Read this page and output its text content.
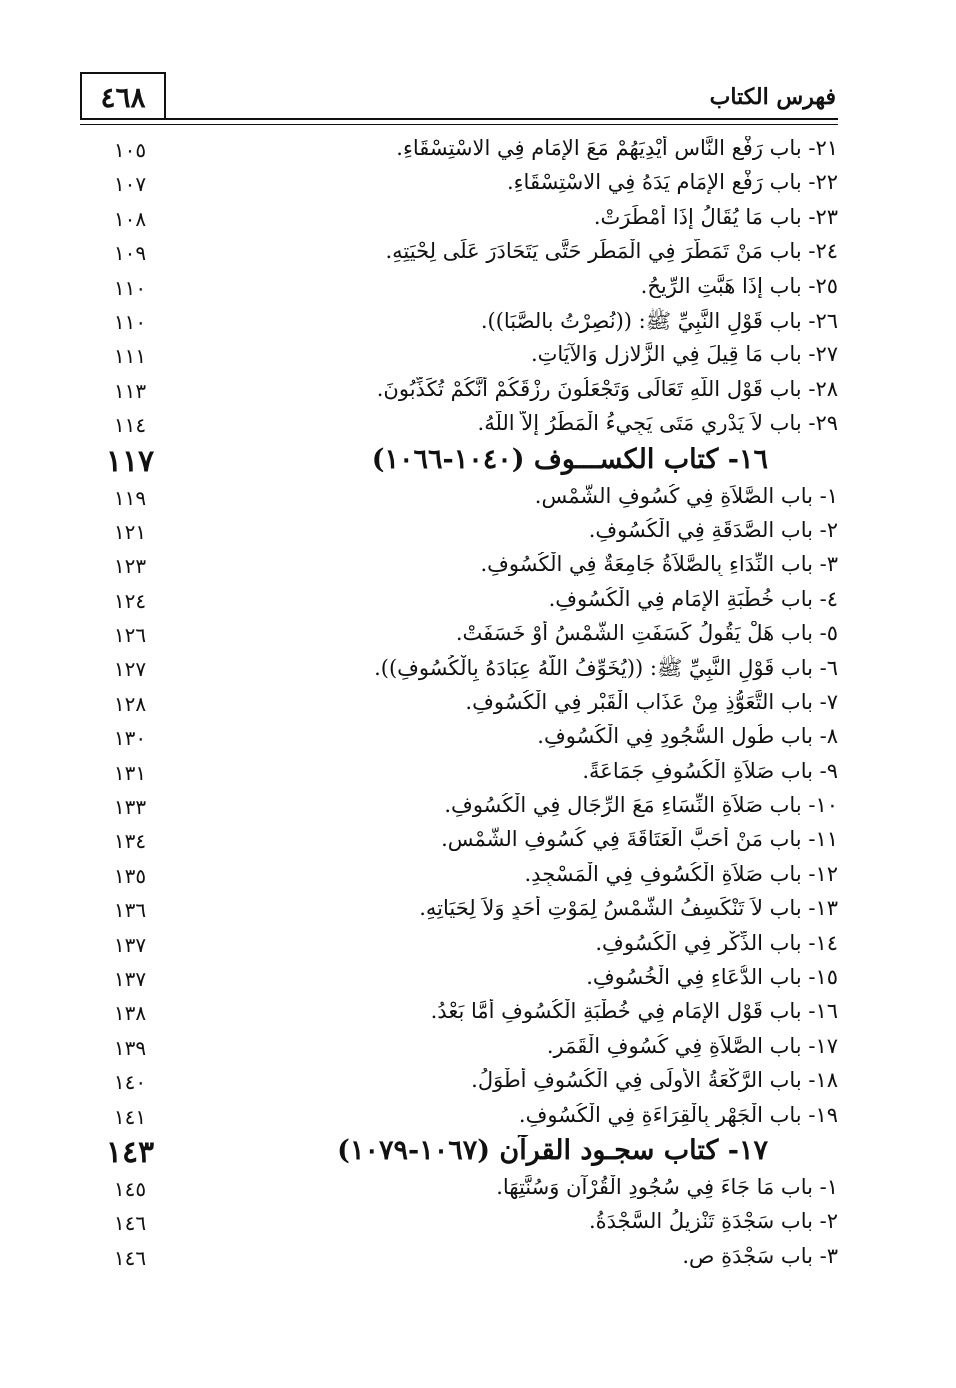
٤٦٨	فهرس الكتاب
٢١- باب رَفْعِ النَّاسِ أَيْدِيَهُمْ مَعَ الإِمَامِ فِي الاسْتِسْقَاءِ.
١٠٥
٢٢- باب رَفْعِ الإِمَامِ يَدَهُ فِي الاسْتِسْقَاءِ.
١٠٧
٢٣- باب مَا يُقَالُ إِذَا أَمْطَرَتْ.
١٠٨
٢٤- باب مَنْ تَمَطَّرَ فِي الْمَطَرِ حَتَّى يَتَحَادَرَ عَلَى لِحْيَتِهِ.
١٠٩
٢٥- باب إِذَا هَبَّتِ الرِّيحُ.
١١٠
٢٦- باب قَوْلِ النَّبِيِّ ﷺ: ((نُصِرْتُ بالصَّبَا)).
١١٠
٢٧- باب مَا قِيلَ فِي الزَّلازِلِ وَالآيَاتِ.
١١١
٢٨- باب قَوْلِ اللَّهِ تَعَالَى وَتَجْعَلُونَ رِزْقَكُمْ أَنَّكُمْ تُكَذِّبُونَ.
١١٣
٢٩- باب لاَ يَدْرِي مَتَى يَجِيءُ الْمَطَرُ إِلاَّ اللَّهُ.
١١٤
١٦- كتاب الكســـوف (١٠٤٠-١٠٦٦)
١١٧
١- باب الصَّلاَةِ فِي كُسُوفِ الشَّمْسِ.
١١٩
٢- باب الصَّدَقَةِ فِي الْكُسُوفِ.
١٢١
٣- باب النِّدَاءِ بِالصَّلاَةُ جَامِعَةٌ فِي الْكُسُوفِ.
١٢٣
٤- باب خُطْبَةِ الإِمَامِ فِي الْكُسُوفِ.
١٢٤
٥- باب هَلْ يَقُولُ كَسَفَتِ الشَّمْسُ أَوْ خَسَفَتْ.
١٢٦
٦- باب قَوْلِ النَّبِيِّ ﷺ: ((يُخَوِّفُ اللَّهُ عِبَادَهُ بِالْكُسُوفِ)).
١٢٧
٧- باب التَّعَوُّذِ مِنْ عَذَابِ الْقَبْرِ فِي الْكُسُوفِ.
١٢٨
٨- باب طُولِ السُّجُودِ فِي الْكُسُوفِ.
١٣٠
٩- باب صَلاَةِ الْكُسُوفِ جَمَاعَةً.
١٣١
١٠- باب صَلاَةِ النِّسَاءِ مَعَ الرِّجَالِ فِي الْكُسُوفِ.
١٣٣
١١- باب مَنْ أَحَبَّ الْعَتَاقَةَ فِي كُسُوفِ الشَّمْسِ.
١٣٤
١٢- باب صَلاَةِ الْكُسُوفِ فِي الْمَسْجِدِ.
١٣٥
١٣- باب لاَ تَنْكَسِفُ الشَّمْسُ لِمَوْتِ أَحَدٍ وَلاَ لِحَيَاتِهِ.
١٣٦
١٤- باب الذِّكْرِ فِي الْكُسُوفِ.
١٣٧
١٥- باب الدُّعَاءِ فِي الْخُسُوفِ.
١٣٧
١٦- باب قَوْلِ الإِمَامِ فِي خُطْبَةِ الْكُسُوفِ أَمَّا بَعْدُ.
١٣٨
١٧- باب الصَّلاَةِ فِي كُسُوفِ الْقَمَرِ.
١٣٩
١٨- باب الرَّكْعَةُ الأُولَى فِي الْكُسُوفِ أَطْوَلُ.
١٤٠
١٩- باب الْجَهْرِ بِالْقِرَاءَةِ فِي الْكُسُوفِ.
١٤١
١٧- كتاب سجـود القرآن (١٠٦٧-١٠٧٩)
١٤٣
١- باب مَا جَاءَ فِي سُجُودِ الْقُرْآنِ وَسُنَّتِهَا.
١٤٥
٢- باب سَجْدَةِ تَنْزِيلُ السَّجْدَةُ.
١٤٦
٣- باب سَجْدَةِ ص.
١٤٦
